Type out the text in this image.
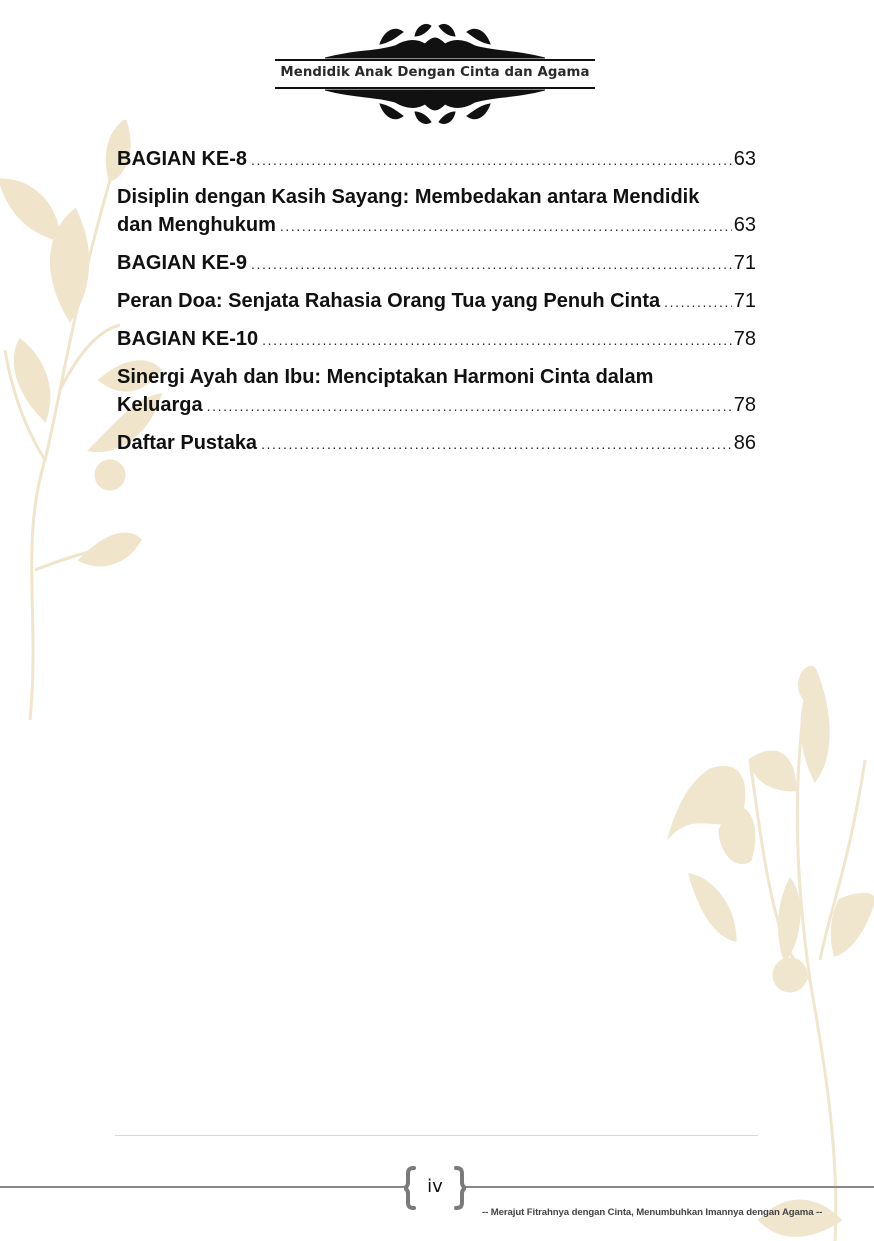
Mendidik Anak Dengan Cinta dan Agama
BAGIAN KE-8 .....	63
Disiplin dengan Kasih Sayang: Membedakan antara Mendidik
dan Menghukum .....	63
BAGIAN KE-9 .....	71
Peran Doa: Senjata Rahasia Orang Tua yang Penuh Cinta .....	71
BAGIAN KE-10 .....	78
Sinergi Ayah dan Ibu: Menciptakan Harmoni Cinta dalam
Keluarga .....	78
Daftar Pustaka .....	86
iv
-- Merajut Fitrahnya dengan Cinta, Menumbuhkan Imannya dengan Agama --
